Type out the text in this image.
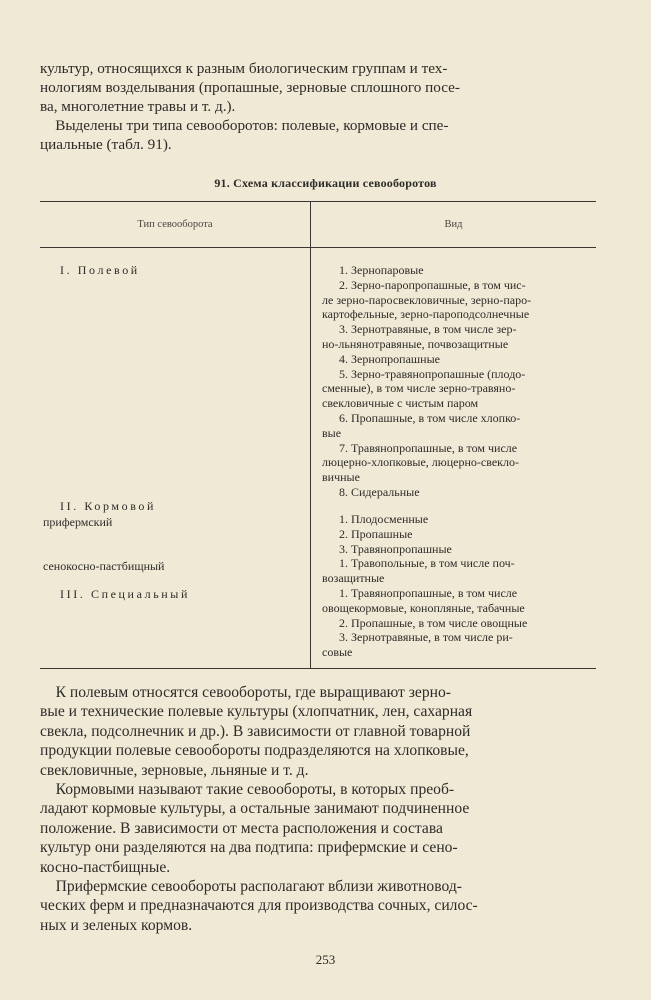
культур, относящихся к разным биологическим группам и тех-
нологиям возделывания (пропашные, зерновые сплошного посе-
ва, многолетние травы и т. д.).
Выделены три типа севооборотов: полевые, кормовые и спе-
циальные (табл. 91).
91. Схема классификации севооборотов
Тип севооборота	Вид
I. Полевой
II. Кормовой
прифермский
сенокосно-пастбищный
III. Специальный
1. Зернопаровые
2. Зерно-паропропашные, в том чис-
ле зерно-паросвекловичные, зерно-паро-
картофельные, зерно-пароподсолнечные
3. Зернотравяные, в том числе зер-
но-льнянотравяные, почвозащитные
4. Зернопропашные
5. Зерно-травянопропашные (плодо-
сменные), в том числе зерно-травяно-
свекловичные с чистым паром
6. Пропашные, в том числе хлопко-
вые
7. Травянопропашные, в том числе
люцерно-хлопковые, люцерно-свекло-
вичные
8. Сидеральные
1. Плодосменные
2. Пропашные
3. Травянопропашные
1. Травопольные, в том числе поч-
возащитные
1. Травянопропашные, в том числе
овощекормовые, конопляные, табачные
2. Пропашные, в том числе овощные
3. Зернотравяные, в том числе ри-
совые
К полевым относятся севообороты, где выращивают зерно-
вые и технические полевые культуры (хлопчатник, лен, сахарная
свекла, подсолнечник и др.). В зависимости от главной товарной
продукции полевые севообороты подразделяются на хлопковые,
свекловичные, зерновые, льняные и т. д.
Кормовыми называют такие севообороты, в которых преоб-
ладают кормовые культуры, а остальные занимают подчиненное
положение. В зависимости от места расположения и состава
культур они разделяются на два подтипа: прифермские и сено-
косно-пастбищные.
Прифермские севообороты располагают вблизи животновод-
ческих ферм и предназначаются для производства сочных, силос-
ных и зеленых кормов.
253
